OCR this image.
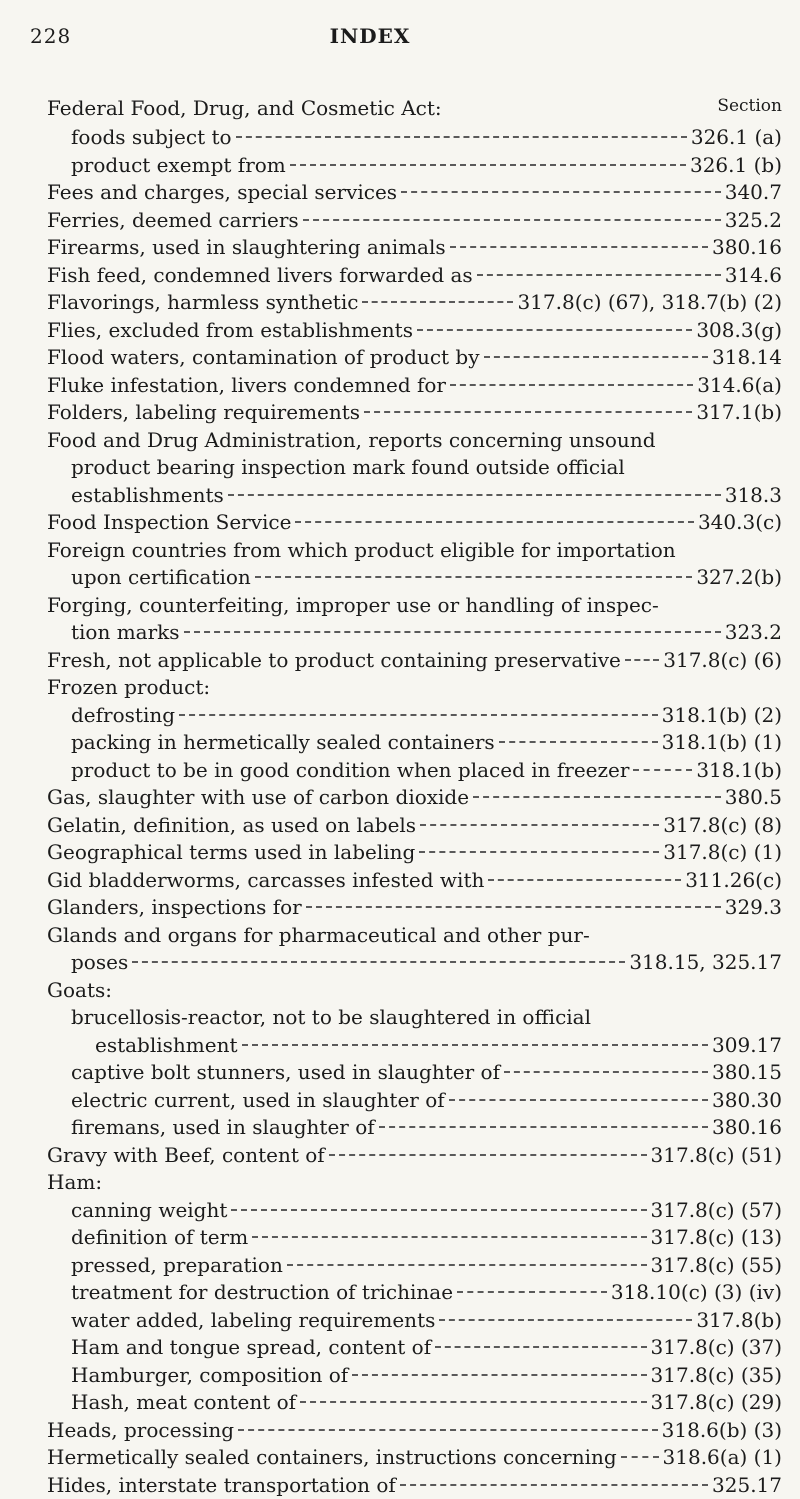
228	INDEX
Federal Food, Drug, and Cosmetic Act:	Section
foods subject to	326.1 (a)
product exempt from	326.1 (b)
Fees and charges, special services	340.7
Ferries, deemed carriers	325.2
Firearms, used in slaughtering animals	380.16
Fish feed, condemned livers forwarded as	314.6
Flavorings, harmless synthetic	317.8(c) (67), 318.7(b) (2)
Flies, excluded from establishments	308.3(g)
Flood waters, contamination of product by	318.14
Fluke infestation, livers condemned for	314.6(a)
Folders, labeling requirements	317.1(b)
Food and Drug Administration, reports concerning unsound
product bearing inspection mark found outside official
establishments	318.3
Food Inspection Service	340.3(c)
Foreign countries from which product eligible for importation
upon certification	327.2(b)
Forging, counterfeiting, improper use or handling of inspec-
tion marks	323.2
Fresh, not applicable to product containing preservative 317.8(c) (6)
Frozen product:
defrosting	318.1(b) (2)
packing in hermetically sealed containers	318.1(b) (1)
product to be in good condition when placed in freezer	318.1(b)
Gas, slaughter with use of carbon dioxide	380.5
Gelatin, definition, as used on labels	317.8(c) (8)
Geographical terms used in labeling	317.8(c) (1)
Gid bladderworms, carcasses infested with	311.26(c)
Glanders, inspections for	329.3
Glands and organs for pharmaceutical and other pur-
poses	318.15, 325.17
Goats:
brucellosis-reactor, not to be slaughtered in official
establishment	309.17
captive bolt stunners, used in slaughter of	380.15
electric current, used in slaughter of	380.30
firemans, used in slaughter of	380.16
Gravy with Beef, content of	317.8(c) (51)
Ham:
canning weight	317.8(c) (57)
definition of term	317.8(c) (13)
pressed, preparation	317.8(c) (55)
treatment for destruction of trichinae	318.10(c) (3) (iv)
water added, labeling requirements	317.8(b)
Ham and tongue spread, content of	317.8(c) (37)
Hamburger, composition of	317.8(c) (35)
Hash, meat content of	317.8(c) (29)
Heads, processing	318.6(b) (3)
Hermetically sealed containers, instructions concerning 318.6(a) (1)
Hides, interstate transportation of	325.17
